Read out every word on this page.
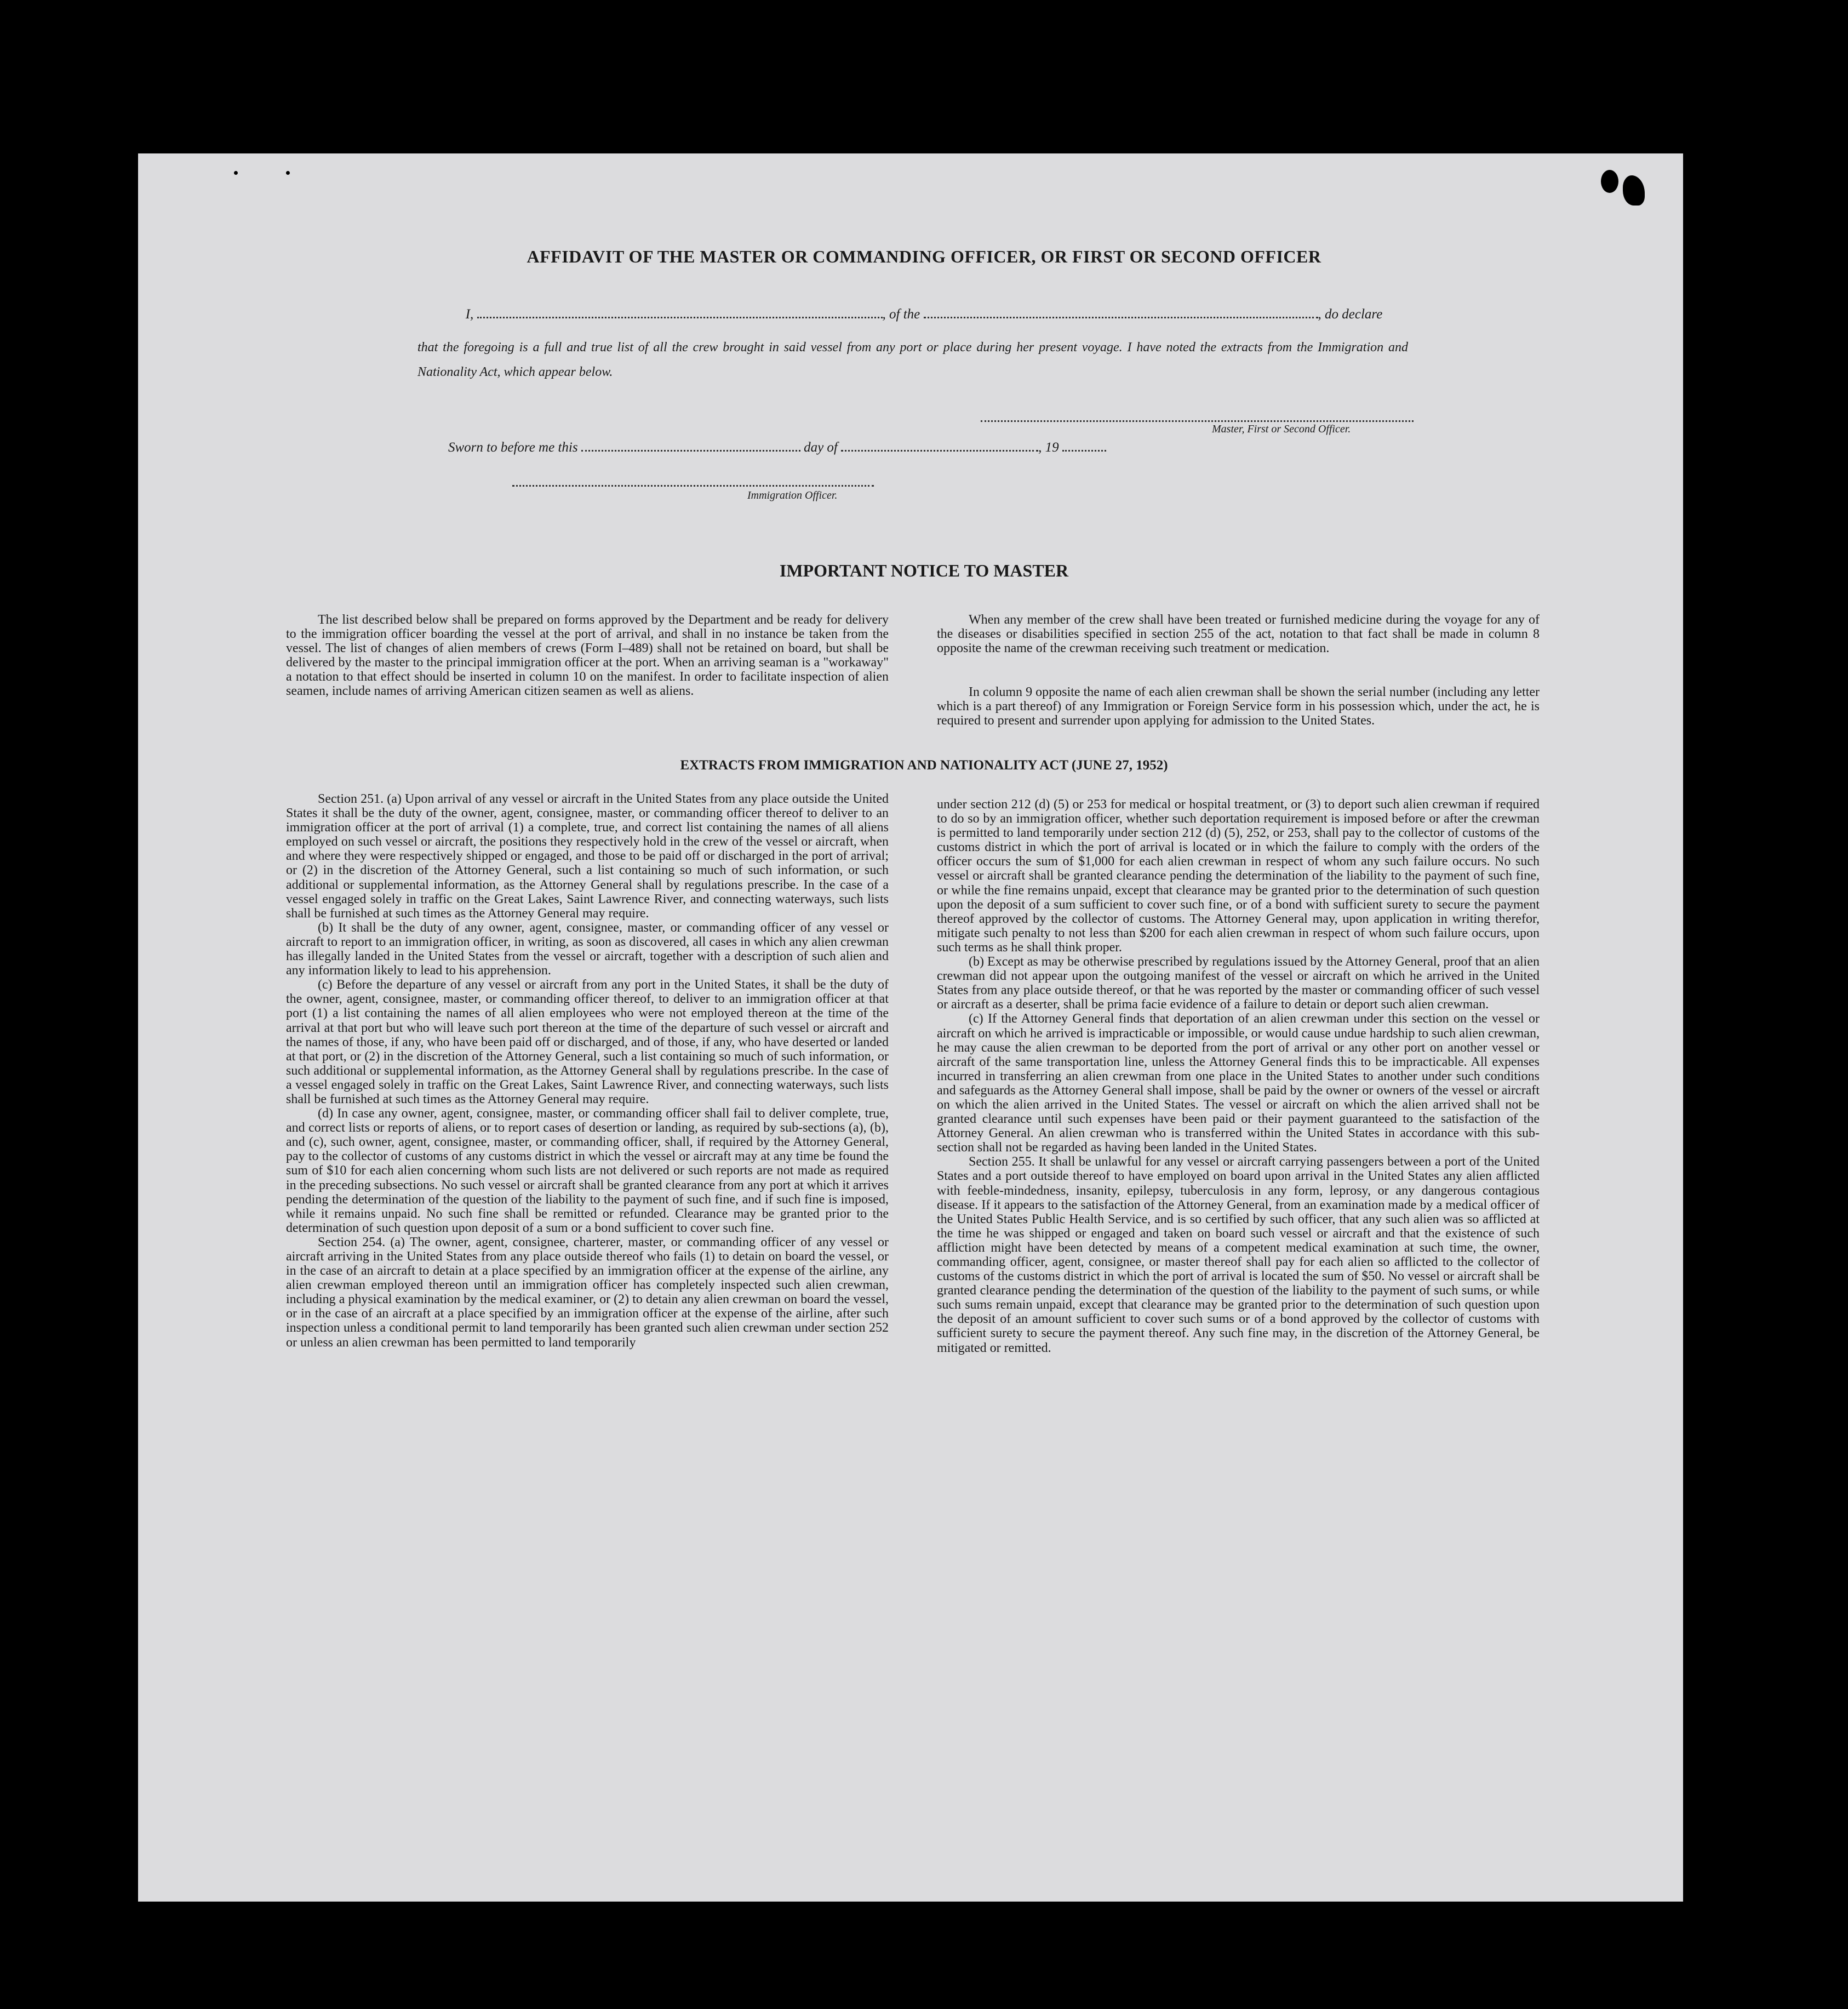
AFFIDAVIT OF THE MASTER OR COMMANDING OFFICER, OR FIRST OR SECOND OFFICER
I,	, of the	, do declare
that the foregoing is a full and true list of all the crew brought in said vessel from any port or place during her present voyage. I have noted the extracts from the Immigration and Nationality Act, which appear below.
Master, First or Second Officer.
Sworn to before me this	day of	, 19
Immigration Officer.
IMPORTANT NOTICE TO MASTER
The list described below shall be prepared on forms approved by the Department and be ready for delivery to the immigration officer boarding the vessel at the port of arrival, and shall in no instance be taken from the vessel. The list of changes of alien members of crews (Form I–489) shall not be retained on board, but shall be delivered by the master to the principal immigration officer at the port. When an arriving seaman is a "workaway" a notation to that effect should be inserted in column 10 on the manifest. In order to facilitate inspection of alien seamen, include names of arriving American citizen seamen as well as aliens.
When any member of the crew shall have been treated or furnished medicine during the voyage for any of the diseases or disabilities specified in section 255 of the act, notation to that fact shall be made in column 8 opposite the name of the crewman receiving such treatment or medication.
In column 9 opposite the name of each alien crewman shall be shown the serial number (including any letter which is a part thereof) of any Immigration or Foreign Service form in his possession which, under the act, he is required to present and surrender upon applying for admission to the United States.
EXTRACTS FROM IMMIGRATION AND NATIONALITY ACT (JUNE 27, 1952)

Section 251. (a) Upon arrival of any vessel or aircraft in the United States from any place outside the United States it shall be the duty of the owner, agent, consignee, master, or commanding officer thereof to deliver to an immigration officer at the port of arrival (1) a complete, true, and correct list containing the names of all aliens employed on such vessel or aircraft, the positions they respectively hold in the crew of the vessel or aircraft, when and where they were respectively shipped or engaged, and those to be paid off or discharged in the port of arrival; or (2) in the discretion of the Attorney General, such a list containing so much of such information, or such additional or supplemental information, as the Attorney General shall by regulations prescribe. In the case of a vessel engaged solely in traffic on the Great Lakes, Saint Lawrence River, and connecting waterways, such lists shall be furnished at such times as the Attorney General may require.

(b) It shall be the duty of any owner, agent, consignee, master, or commanding officer of any vessel or aircraft to report to an immigration officer, in writing, as soon as discovered, all cases in which any alien crewman has illegally landed in the United States from the vessel or aircraft, together with a description of such alien and any information likely to lead to his apprehension.

(c) Before the departure of any vessel or aircraft from any port in the United States, it shall be the duty of the owner, agent, consignee, master, or commanding officer thereof, to deliver to an immigration officer at that port (1) a list containing the names of all alien employees who were not employed thereon at the time of the arrival at that port but who will leave such port thereon at the time of the departure of such vessel or aircraft and the names of those, if any, who have been paid off or discharged, and of those, if any, who have deserted or landed at that port, or (2) in the discretion of the Attorney General, such a list containing so much of such information, or such additional or supplemental information, as the Attorney General shall by regulations prescribe. In the case of a vessel engaged solely in traffic on the Great Lakes, Saint Lawrence River, and connecting waterways, such lists shall be furnished at such times as the Attorney General may require.

(d) In case any owner, agent, consignee, master, or commanding officer shall fail to deliver complete, true, and correct lists or reports of aliens, or to report cases of desertion or landing, as required by sub-sections (a), (b), and (c), such owner, agent, consignee, master, or commanding officer, shall, if required by the Attorney General, pay to the collector of customs of any customs district in which the vessel or aircraft may at any time be found the sum of $10 for each alien concerning whom such lists are not delivered or such reports are not made as required in the preceding subsections. No such vessel or aircraft shall be granted clearance from any port at which it arrives pending the determination of the question of the liability to the payment of such fine, and if such fine is imposed, while it remains unpaid. No such fine shall be remitted or refunded. Clearance may be granted prior to the determination of such question upon deposit of a sum or a bond sufficient to cover such fine.

Section 254. (a) The owner, agent, consignee, charterer, master, or commanding officer of any vessel or aircraft arriving in the United States from any place outside thereof who fails (1) to detain on board the vessel, or in the case of an aircraft to detain at a place specified by an immigration officer at the expense of the airline, any alien crewman employed thereon until an immigration officer has completely inspected such alien crewman, including a physical examination by the medical examiner, or (2) to detain any alien crewman on board the vessel, or in the case of an aircraft at a place specified by an immigration officer at the expense of the airline, after such inspection unless a conditional permit to land temporarily has been granted such alien crewman under section 252 or unless an alien crewman has been permitted to land temporarily

under section 212 (d) (5) or 253 for medical or hospital treatment, or (3) to deport such alien crewman if required to do so by an immigration officer, whether such deportation requirement is imposed before or after the crewman is permitted to land temporarily under section 212 (d) (5), 252, or 253, shall pay to the collector of customs of the customs district in which the port of arrival is located or in which the failure to comply with the orders of the officer occurs the sum of $1,000 for each alien crewman in respect of whom any such failure occurs. No such vessel or aircraft shall be granted clearance pending the determination of the liability to the payment of such fine, or while the fine remains unpaid, except that clearance may be granted prior to the determination of such question upon the deposit of a sum sufficient to cover such fine, or of a bond with sufficient surety to secure the payment thereof approved by the collector of customs. The Attorney General may, upon application in writing therefor, mitigate such penalty to not less than $200 for each alien crewman in respect of whom such failure occurs, upon such terms as he shall think proper.

(b) Except as may be otherwise prescribed by regulations issued by the Attorney General, proof that an alien crewman did not appear upon the outgoing manifest of the vessel or aircraft on which he arrived in the United States from any place outside thereof, or that he was reported by the master or commanding officer of such vessel or aircraft as a deserter, shall be prima facie evidence of a failure to detain or deport such alien crewman.

(c) If the Attorney General finds that deportation of an alien crewman under this section on the vessel or aircraft on which he arrived is impracticable or impossible, or would cause undue hardship to such alien crewman, he may cause the alien crewman to be deported from the port of arrival or any other port on another vessel or aircraft of the same transportation line, unless the Attorney General finds this to be impracticable. All expenses incurred in transferring an alien crewman from one place in the United States to another under such conditions and safeguards as the Attorney General shall impose, shall be paid by the owner or owners of the vessel or aircraft on which the alien arrived in the United States. The vessel or aircraft on which the alien arrived shall not be granted clearance until such expenses have been paid or their payment guaranteed to the satisfaction of the Attorney General. An alien crewman who is transferred within the United States in accordance with this sub-section shall not be regarded as having been landed in the United States.

Section 255. It shall be unlawful for any vessel or aircraft carrying passengers between a port of the United States and a port outside thereof to have employed on board upon arrival in the United States any alien afflicted with feeble-mindedness, insanity, epilepsy, tuberculosis in any form, leprosy, or any dangerous contagious disease. If it appears to the satisfaction of the Attorney General, from an examination made by a medical officer of the United States Public Health Service, and is so certified by such officer, that any such alien was so afflicted at the time he was shipped or engaged and taken on board such vessel or aircraft and that the existence of such affliction might have been detected by means of a competent medical examination at such time, the owner, commanding officer, agent, consignee, or master thereof shall pay for each alien so afflicted to the collector of customs of the customs district in which the port of arrival is located the sum of $50. No vessel or aircraft shall be granted clearance pending the determination of the question of the liability to the payment of such sums, or while such sums remain unpaid, except that clearance may be granted prior to the determination of such question upon the deposit of an amount sufficient to cover such sums or of a bond approved by the collector of customs with sufficient surety to secure the payment thereof. Any such fine may, in the discretion of the Attorney General, be mitigated or remitted.
